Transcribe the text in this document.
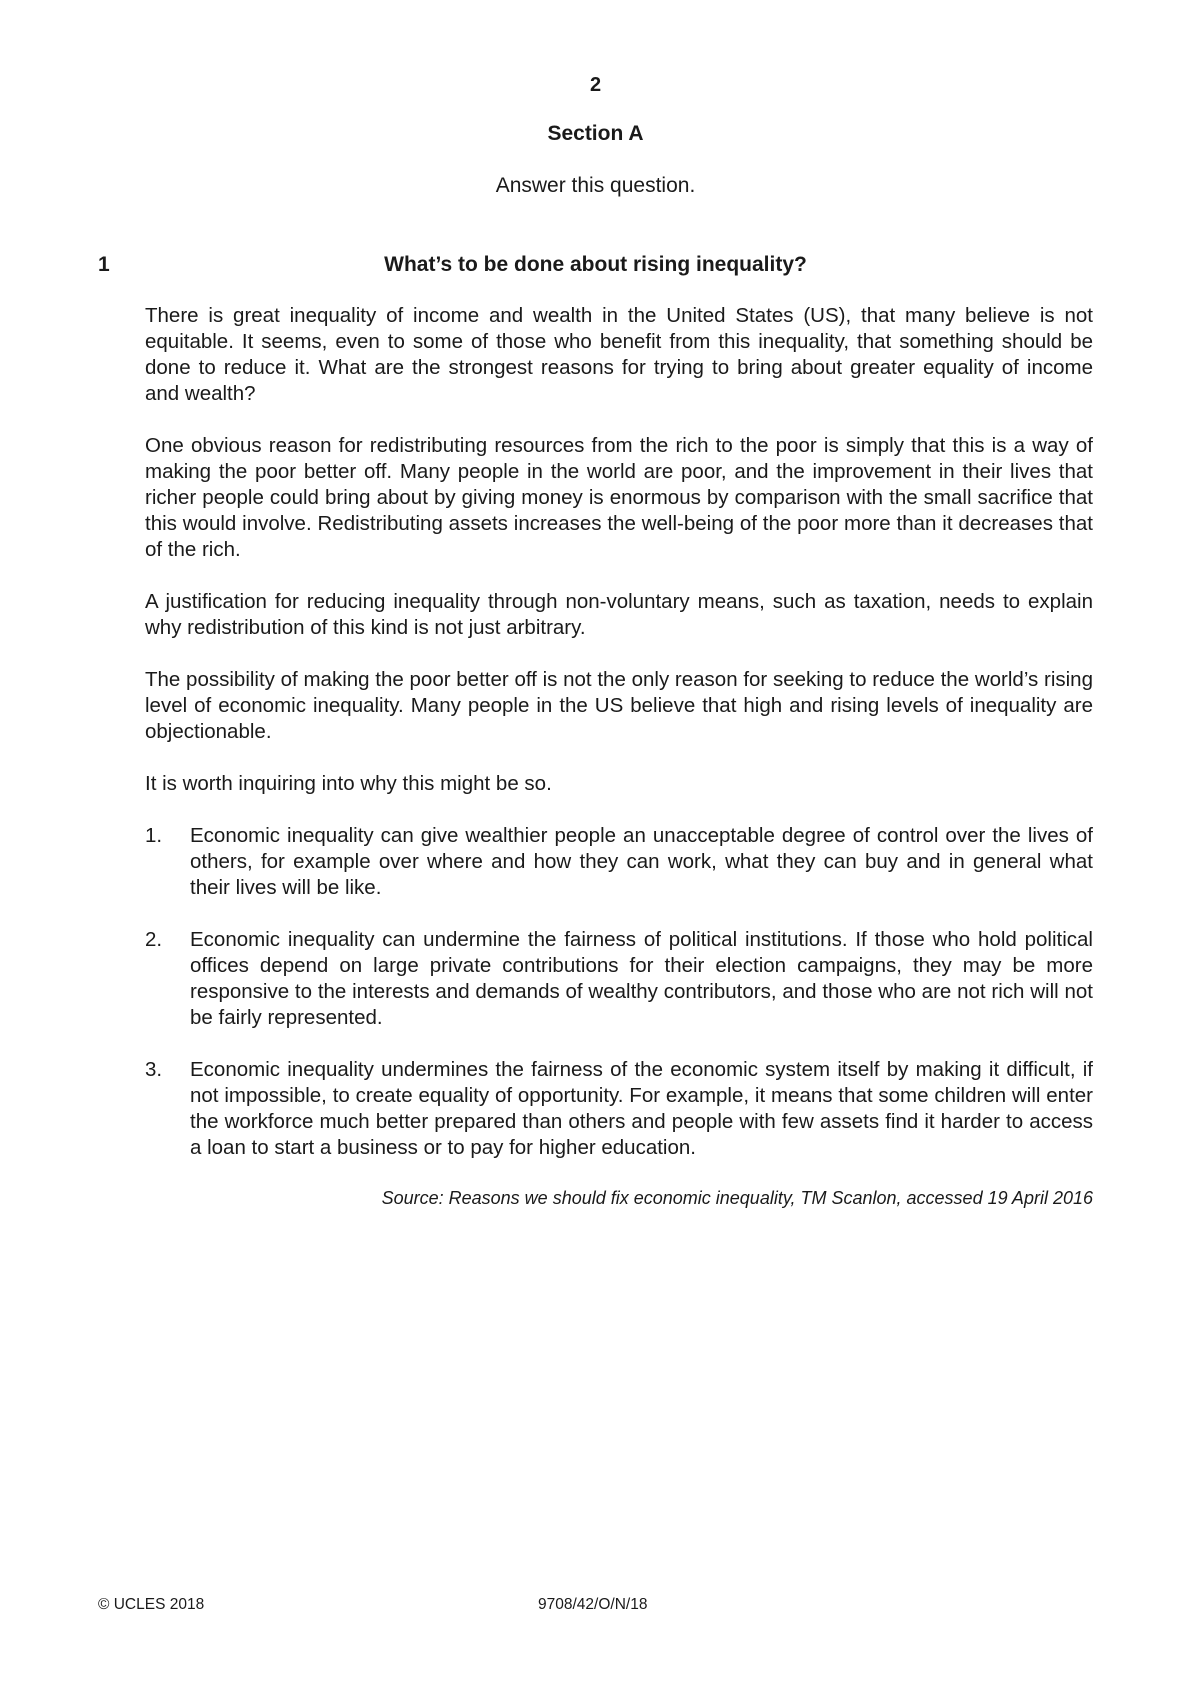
2
Section A
Answer this question.
1	What’s to be done about rising inequality?

There is great inequality of income and wealth in the United States (US), that many believe is not equitable. It seems, even to some of those who benefit from this inequality, that something should be done to reduce it. What are the strongest reasons for trying to bring about greater equality of income and wealth?

One obvious reason for redistributing resources from the rich to the poor is simply that this is a way of making the poor better off. Many people in the world are poor, and the improvement in their lives that richer people could bring about by giving money is enormous by comparison with the small sacrifice that this would involve. Redistributing assets increases the well-being of the poor more than it decreases that of the rich.

A justification for reducing inequality through non-voluntary means, such as taxation, needs to explain why redistribution of this kind is not just arbitrary.

The possibility of making the poor better off is not the only reason for seeking to reduce the world’s rising level of economic inequality. Many people in the US believe that high and rising levels of inequality are objectionable.

It is worth inquiring into why this might be so.

1.	Economic inequality can give wealthier people an unacceptable degree of control over the lives of others, for example over where and how they can work, what they can buy and in general what their lives will be like.
2.	Economic inequality can undermine the fairness of political institutions. If those who hold political offices depend on large private contributions for their election campaigns, they may be more responsive to the interests and demands of wealthy contributors, and those who are not rich will not be fairly represented.
3.	Economic inequality undermines the fairness of the economic system itself by making it difficult, if not impossible, to create equality of opportunity. For example, it means that some children will enter the workforce much better prepared than others and people with few assets find it harder to access a loan to start a business or to pay for higher education.
Source: Reasons we should fix economic inequality, TM Scanlon, accessed 19 April 2016
© UCLES 2018	9708/42/O/N/18
